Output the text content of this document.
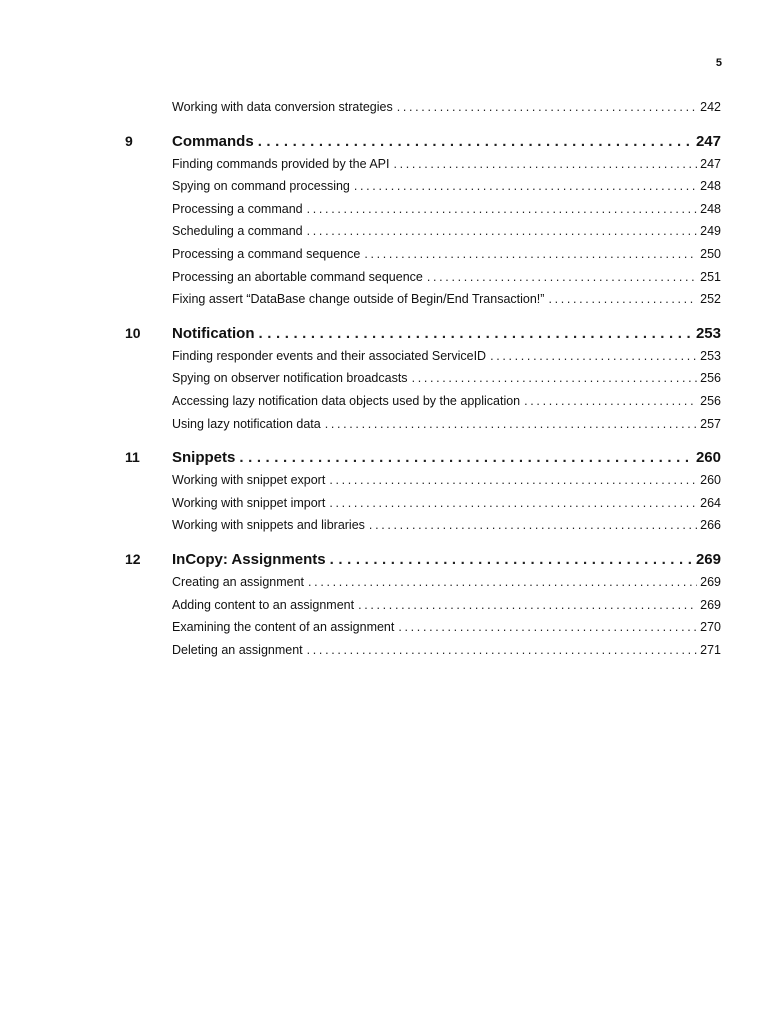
5
Working with data conversion strategies . . .	242
9	Commands . . .	247
Finding commands provided by the API . . .	247
Spying on command processing . . .	248
Processing a command . . .	248
Scheduling a command . . .	249
Processing a command sequence . . .	250
Processing an abortable command sequence . . .	251
Fixing assert “DataBase change outside of Begin/End Transaction!” . . .	252
10	Notification . . .	253
Finding responder events and their associated ServiceID . . .	253
Spying on observer notification broadcasts . . .	256
Accessing lazy notification data objects used by the application . . .	256
Using lazy notification data . . .	257
11	Snippets . . .	260
Working with snippet export . . .	260
Working with snippet import . . .	264
Working with snippets and libraries . . .	266
12	InCopy: Assignments . . .	269
Creating an assignment . . .	269
Adding content to an assignment . . .	269
Examining the content of an assignment . . .	270
Deleting an assignment . . .	271
